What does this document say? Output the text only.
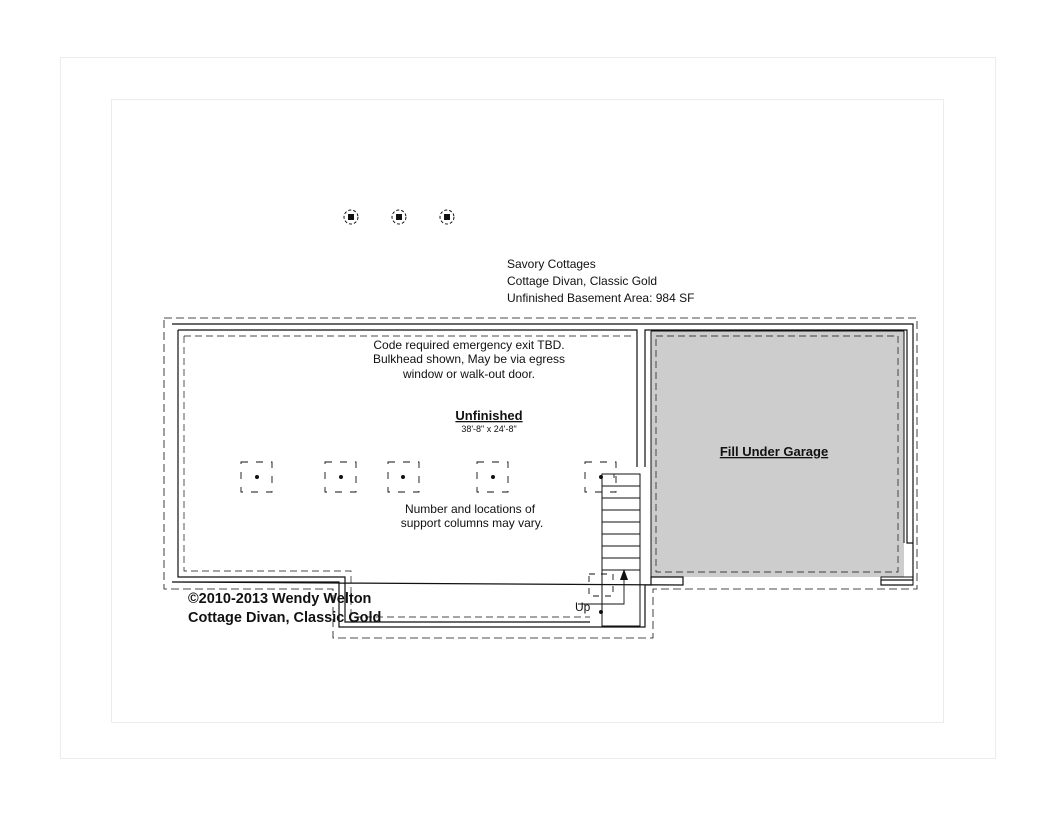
Savory Cottages
Cottage Divan, Classic Gold
Unfinished Basement Area: 984 SF
Code required emergency exit TBD.
Bulkhead shown, May be via egress
window or walk-out door.
Unfinished
38'-8" x 24'-8"
Number and locations of
support columns may vary.
Fill Under Garage
Up
©2010-2013 Wendy Welton
Cottage Divan, Classic Gold
